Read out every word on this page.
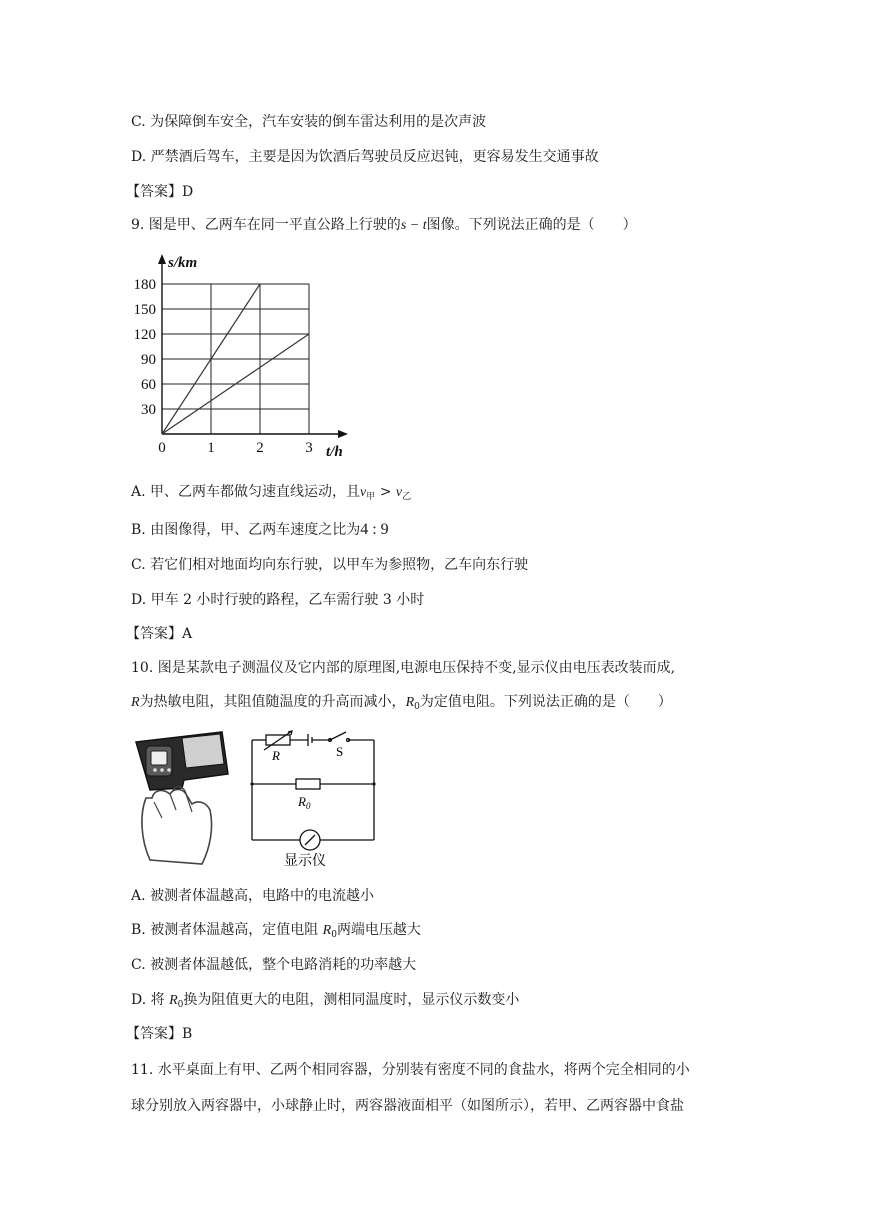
C. 为保障倒车安全，汽车安装的倒车雷达利用的是次声波
D. 严禁酒后驾车，主要是因为饮酒后驾驶员反应迟钝，更容易发生交通事故
【答案】D
9. 图是甲、乙两车在同一平直公路上行驶的s − t图像。下列说法正确的是（　　）
30
60
90
120
150
180
1	2	3
0
s/km
t/h
A. 甲、乙两车都做匀速直线运动，且$v_甲 > v_乙$
B. 由图像得，甲、乙两车速度之比为4 : 9
C. 若它们相对地面均向东行驶，以甲车为参照物，乙车向东行驶
D. 甲车 2 小时行驶的路程，乙车需行驶 3 小时
【答案】A
10. 图是某款电子测温仪及它内部的原理图,电源电压保持不变,显示仪由电压表改装而成,
R为热敏电阻，其阻值随温度的升高而减小，$R_0$为定值电阻。下列说法正确的是（　　）
R	S
$R_0$
显示仪
A. 被测者体温越高，电路中的电流越小
B. 被测者体温越高，定值电阻 $R_0$两端电压越大
C. 被测者体温越低，整个电路消耗的功率越大
D. 将 $R_0$换为阻值更大的电阻，测相同温度时，显示仪示数变小
【答案】B
11. 水平桌面上有甲、乙两个相同容器，分别装有密度不同的食盐水，将两个完全相同的小
球分别放入两容器中，小球静止时，两容器液面相平（如图所示），若甲、乙两容器中食盐
